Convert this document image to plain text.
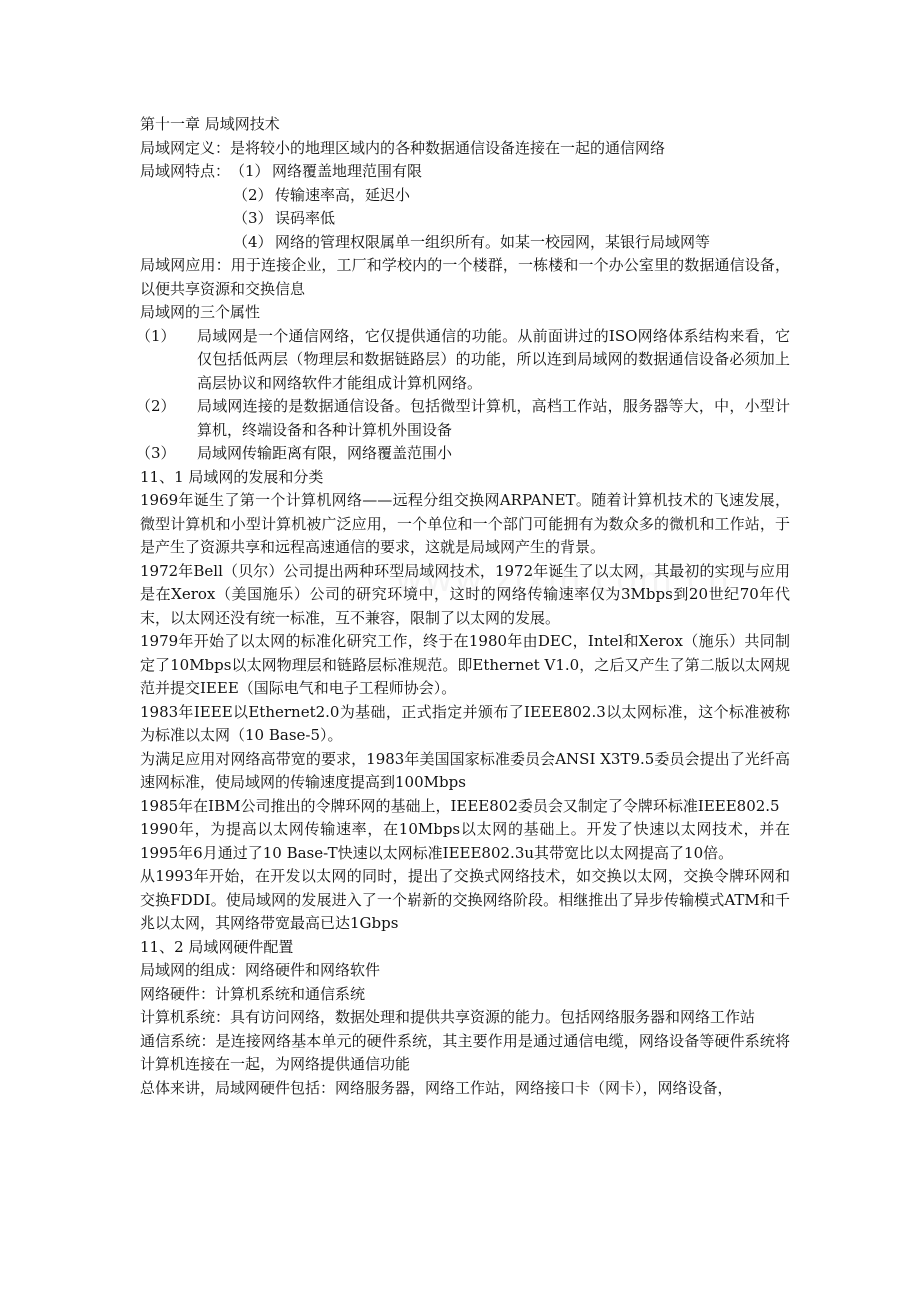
第十一章 局域网技术
局域网定义：是将较小的地理区域内的各种数据通信设备连接在一起的通信网络
局域网特点：（1） 网络覆盖地理范围有限
（2） 传输速率高，延迟小
（3） 误码率低
（4） 网络的管理权限属单一组织所有。如某一校园网，某银行局域网等
局域网应用：用于连接企业，工厂和学校内的一个楼群，一栋楼和一个办公室里的数据通信设备，以便共享资源和交换信息
局域网的三个属性
（1） 局域网是一个通信网络，它仅提供通信的功能。从前面讲过的ISO网络体系结构来看，它仅包括低两层（物理层和数据链路层）的功能，所以连到局域网的数据通信设备必须加上高层协议和网络软件才能组成计算机网络。
（2） 局域网连接的是数据通信设备。包括微型计算机，高档工作站，服务器等大，中，小型计算机，终端设备和各种计算机外围设备
（3） 局域网传输距离有限，网络覆盖范围小
11、1 局域网的发展和分类
1969年诞生了第一个计算机网络——远程分组交换网ARPANET。随着计算机技术的飞速发展，微型计算机和小型计算机被广泛应用，一个单位和一个部门可能拥有为数众多的微机和工作站，于是产生了资源共享和远程高速通信的要求，这就是局域网产生的背景。
1972年Bell（贝尔）公司提出两种环型局域网技术，1972年诞生了以太网，其最初的实现与应用是在Xerox（美国施乐）公司的研究环境中，这时的网络传输速率仅为3Mbps到20世纪70年代末，以太网还没有统一标准，互不兼容，限制了以太网的发展。
1979年开始了以太网的标准化研究工作，终于在1980年由DEC，Intel和Xerox（施乐）共同制定了10Mbps以太网物理层和链路层标准规范。即Ethernet V1.0，之后又产生了第二版以太网规范并提交IEEE（国际电气和电子工程师协会）。
1983年IEEE以Ethernet2.0为基础，正式指定并颁布了IEEE802.3以太网标准，这个标准被称为标准以太网（10 Base-5）。
为满足应用对网络高带宽的要求，1983年美国国家标准委员会ANSI X3T9.5委员会提出了光纤高速网标准，使局域网的传输速度提高到100Mbps
1985年在IBM公司推出的令牌环网的基础上，IEEE802委员会又制定了令牌环标准IEEE802.5
1990年，为提高以太网传输速率，在10Mbps以太网的基础上。开发了快速以太网技术，并在1995年6月通过了10 Base-T快速以太网标准IEEE802.3u其带宽比以太网提高了10倍。
从1993年开始，在开发以太网的同时，提出了交换式网络技术，如交换以太网，交换令牌环网和交换FDDI。使局域网的发展进入了一个崭新的交换网络阶段。相继推出了异步传输模式ATM和千兆以太网，其网络带宽最高已达1Gbps
11、2 局域网硬件配置
局域网的组成：网络硬件和网络软件
网络硬件：计算机系统和通信系统
计算机系统：具有访问网络，数据处理和提供共享资源的能力。包括网络服务器和网络工作站
通信系统：是连接网络基本单元的硬件系统，其主要作用是通过通信电缆，网络设备等硬件系统将计算机连接在一起，为网络提供通信功能
总体来讲，局域网硬件包括：网络服务器，网络工作站，网络接口卡（网卡），网络设备，
